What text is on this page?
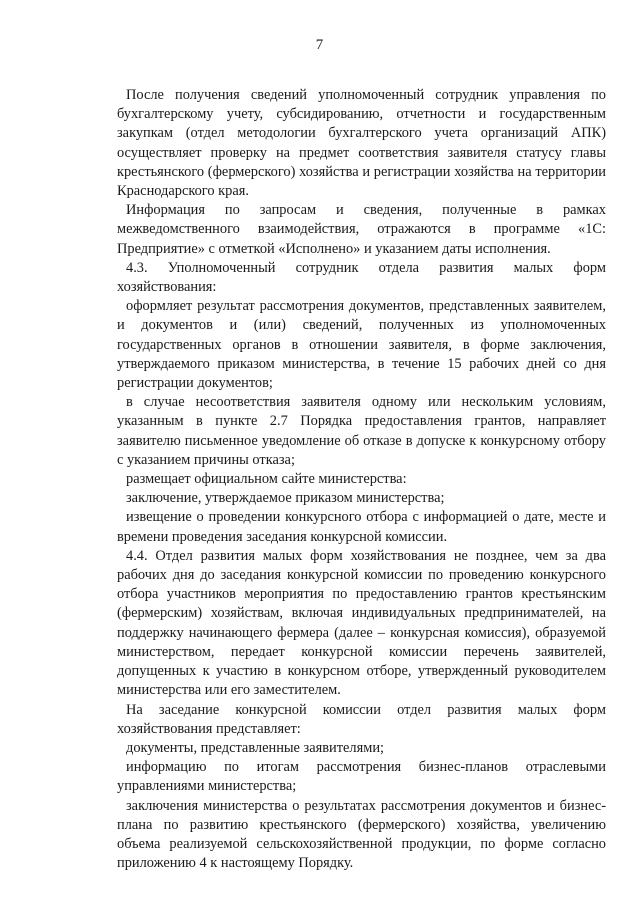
7

После получения сведений уполномоченный сотрудник управления по бухгалтерскому учету, субсидированию, отчетности и государственным закупкам (отдел методологии бухгалтерского учета организаций АПК) осуществляет проверку на предмет соответствия заявителя статусу главы крестьянского (фермерского) хозяйства и регистрации хозяйства на территории Краснодарского края.

Информация по запросам и сведения, полученные в рамках межведомственного взаимодействия, отражаются в программе «1С: Предприятие» с отметкой «Исполнено» и указанием даты исполнения.

4.3. Уполномоченный сотрудник отдела развития малых форм хозяйствования:

оформляет результат рассмотрения документов, представленных заявителем, и документов и (или) сведений, полученных из уполномоченных государственных органов в отношении заявителя, в форме заключения, утверждаемого приказом министерства, в течение 15 рабочих дней со дня регистрации документов;

в случае несоответствия заявителя одному или нескольким условиям, указанным в пункте 2.7 Порядка предоставления грантов, направляет заявителю письменное уведомление об отказе в допуске к конкурсному отбору с указанием причины отказа;

размещает официальном сайте министерства:

заключение, утверждаемое приказом министерства;

извещение о проведении конкурсного отбора с информацией о дате, месте и времени проведения заседания конкурсной комиссии.

4.4. Отдел развития малых форм хозяйствования не позднее, чем за два рабочих дня до заседания конкурсной комиссии по проведению конкурсного отбора участников мероприятия по предоставлению грантов крестьянским (фермерским) хозяйствам, включая индивидуальных предпринимателей, на поддержку начинающего фермера (далее – конкурсная комиссия), образуемой министерством, передает конкурсной комиссии перечень заявителей, допущенных к участию в конкурсном отборе, утвержденный руководителем министерства или его заместителем.

На заседание конкурсной комиссии отдел развития малых форм хозяйствования представляет:

документы, представленные заявителями;

информацию по итогам рассмотрения бизнес-планов отраслевыми управлениями министерства;

заключения министерства о результатах рассмотрения документов и бизнес-плана по развитию крестьянского (фермерского) хозяйства, увеличению объема реализуемой сельскохозяйственной продукции, по форме согласно приложению 4 к настоящему Порядку.
